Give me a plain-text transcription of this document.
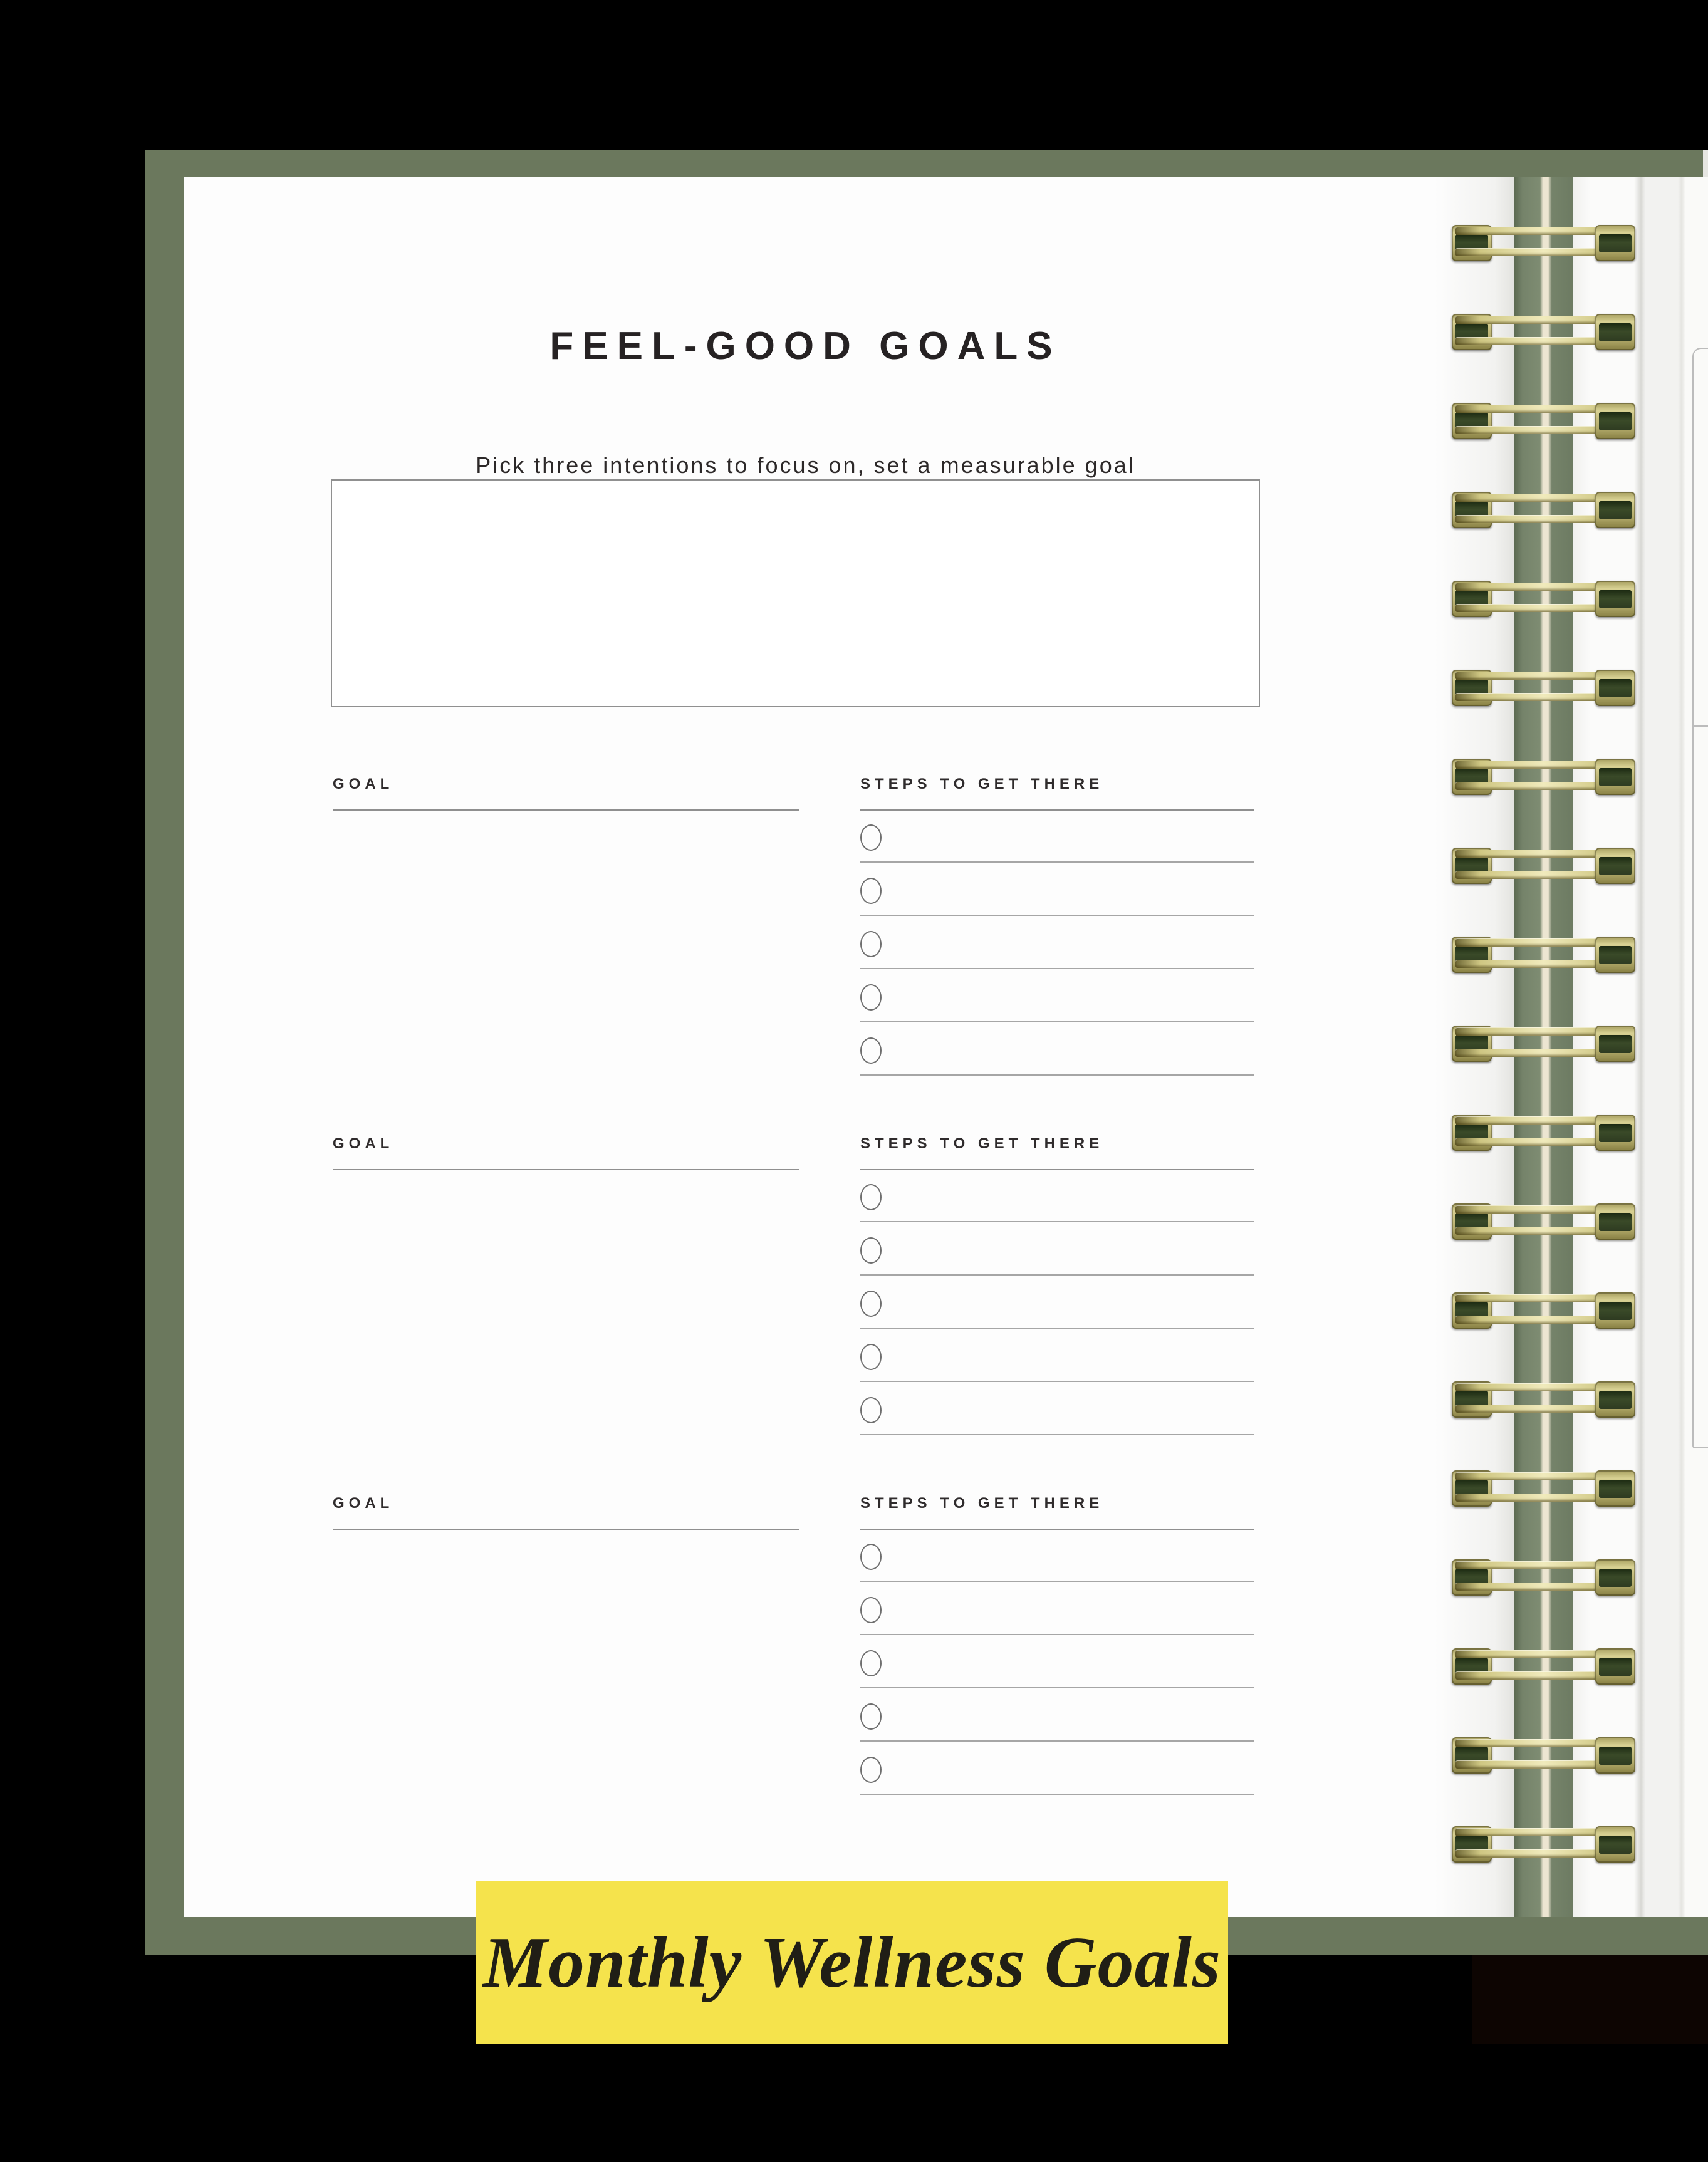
FEEL-GOOD GOALS
Pick three intentions to focus on, set a measurable goal
GOAL	STEPS TO GET THERE
GOAL	STEPS TO GET THERE
GOAL	STEPS TO GET THERE
Monthly Wellness Goals
